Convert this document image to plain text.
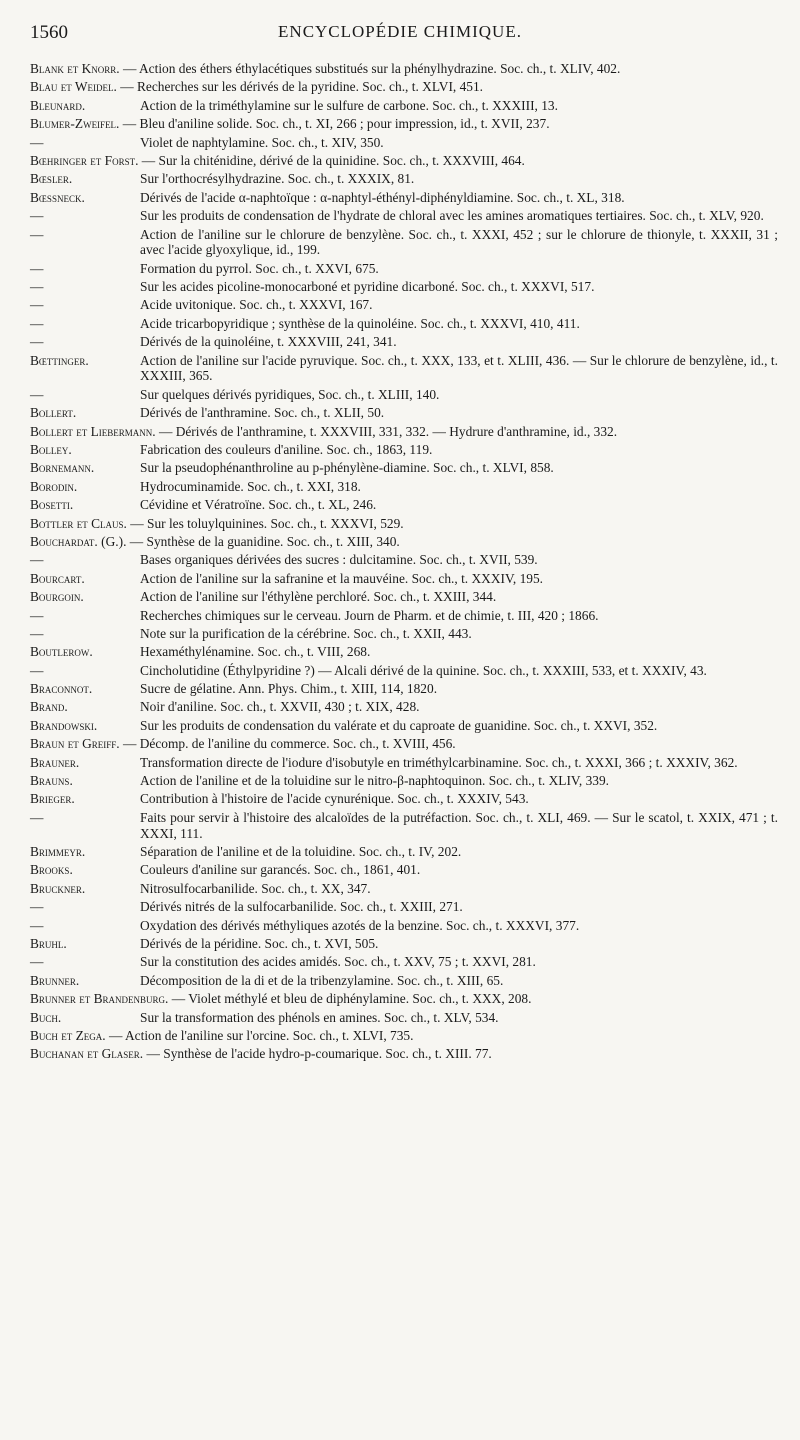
1560	ENCYCLOPÉDIE CHIMIQUE.
Blank et Knorr. — Action des éthers éthylacétiques substitués sur la phénylhydrazine. Soc. ch., t. XLIV, 402.
Blau et Weidel. — Recherches sur les dérivés de la pyridine. Soc. ch., t. XLVI, 451.
Bleunard.	Action de la triméthylamine sur le sulfure de carbone. Soc. ch., t. XXXIII, 13.
Blumer-Zweifel. — Bleu d'aniline solide. Soc. ch., t. XI, 266 ; pour impression, id., t. XVII, 237.
—	Violet de naphtylamine. Soc. ch., t. XIV, 350.
Bœhringer et Forst. — Sur la chiténidine, dérivé de la quinidine. Soc. ch., t. XXXVIII, 464.
Bœsler.	Sur l'orthocrésylhydrazine. Soc. ch., t. XXXIX, 81.
Bœssneck.	Dérivés de l'acide α-naphtoïque : α-naphtyl-éthényl-diphényldiamine. Soc. ch., t. XL, 318.
—	Sur les produits de condensation de l'hydrate de chloral avec les amines aromatiques tertiaires. Soc. ch., t. XLV, 920.
—	Action de l'aniline sur le chlorure de benzylène. Soc. ch., t. XXXI, 452 ; sur le chlorure de thionyle, t. XXXII, 31 ; avec l'acide glyoxylique, id., 199.
—	Formation du pyrrol. Soc. ch., t. XXVI, 675.
—	Sur les acides picoline-monocarboné et pyridine dicarboné. Soc. ch., t. XXXVI, 517.
—	Acide uvitonique. Soc. ch., t. XXXVI, 167.
—	Acide tricarbopyridique ; synthèse de la quinoléine. Soc. ch., t. XXXVI, 410, 411.
—	Dérivés de la quinoléine, t. XXXVIII, 241, 341.
Bœttinger.	Action de l'aniline sur l'acide pyruvique. Soc. ch., t. XXX, 133, et t. XLIII, 436. — Sur le chlorure de benzylène, id., t. XXXIII, 365.
—	Sur quelques dérivés pyridiques, Soc. ch., t. XLIII, 140.
Bollert.	Dérivés de l'anthramine. Soc. ch., t. XLII, 50.
Bollert et Liebermann. — Dérivés de l'anthramine, t. XXXVIII, 331, 332. — Hydrure d'anthramine, id., 332.
Bolley.	Fabrication des couleurs d'aniline. Soc. ch., 1863, 119.
Bornemann.	Sur la pseudophénanthroline au p-phénylène-diamine. Soc. ch., t. XLVI, 858.
Borodin.	Hydrocuminamide. Soc. ch., t. XXI, 318.
Bosetti.	Cévidine et Vératroïne. Soc. ch., t. XL, 246.
Bottler et Claus. — Sur les toluylquinines. Soc. ch., t. XXXVI, 529.
Bouchardat. (G.). — Synthèse de la guanidine. Soc. ch., t. XIII, 340.
—	Bases organiques dérivées des sucres : dulcitamine. Soc. ch., t. XVII, 539.
Bourcart.	Action de l'aniline sur la safranine et la mauvéine. Soc. ch., t. XXXIV, 195.
Bourgoin.	Action de l'aniline sur l'éthylène perchloré. Soc. ch., t. XXIII, 344.
—	Recherches chimiques sur le cerveau. Journ de Pharm. et de chimie, t. III, 420 ; 1866.
—	Note sur la purification de la cérébrine. Soc. ch., t. XXII, 443.
Boutlerow.	Hexaméthylénamine. Soc. ch., t. VIII, 268.
—	Cincholutidine (Éthylpyridine ?) — Alcali dérivé de la quinine. Soc. ch., t. XXXIII, 533, et t. XXXIV, 43.
Braconnot.	Sucre de gélatine. Ann. Phys. Chim., t. XIII, 114, 1820.
Brand.	Noir d'aniline. Soc. ch., t. XXVII, 430 ; t. XIX, 428.
Brandowski.	Sur les produits de condensation du valérate et du caproate de guanidine. Soc. ch., t. XXVI, 352.
Braun et Greiff. — Décomp. de l'aniline du commerce. Soc. ch., t. XVIII, 456.
Brauner.	Transformation directe de l'iodure d'isobutyle en triméthylcarbinamine. Soc. ch., t. XXXI, 366 ; t. XXXIV, 362.
Brauns.	Action de l'aniline et de la toluidine sur le nitro-β-naphtoquinon. Soc. ch., t. XLIV, 339.
Brieger.	Contribution à l'histoire de l'acide cynurénique. Soc. ch., t. XXXIV, 543.
—	Faits pour servir à l'histoire des alcaloïdes de la putréfaction. Soc. ch., t. XLI, 469. — Sur le scatol, t. XXIX, 471 ; t. XXXI, 111.
Brimmeyr.	Séparation de l'aniline et de la toluidine. Soc. ch., t. IV, 202.
Brooks.	Couleurs d'aniline sur garancés. Soc. ch., 1861, 401.
Bruckner.	Nitrosulfocarbanilide. Soc. ch., t. XX, 347.
—	Dérivés nitrés de la sulfocarbanilide. Soc. ch., t. XXIII, 271.
—	Oxydation des dérivés méthyliques azotés de la benzine. Soc. ch., t. XXXVI, 377.
Bruhl.	Dérivés de la péridine. Soc. ch., t. XVI, 505.
—	Sur la constitution des acides amidés. Soc. ch., t. XXV, 75 ; t. XXVI, 281.
Brunner.	Décomposition de la di et de la tribenzylamine. Soc. ch., t. XIII, 65.
Brunner et Brandenburg. — Violet méthylé et bleu de diphénylamine. Soc. ch., t. XXX, 208.
Buch.	Sur la transformation des phénols en amines. Soc. ch., t. XLV, 534.
Buch et Zega. — Action de l'aniline sur l'orcine. Soc. ch., t. XLVI, 735.
Buchanan et Glaser. — Synthèse de l'acide hydro-p-coumarique. Soc. ch., t. XIII. 77.
